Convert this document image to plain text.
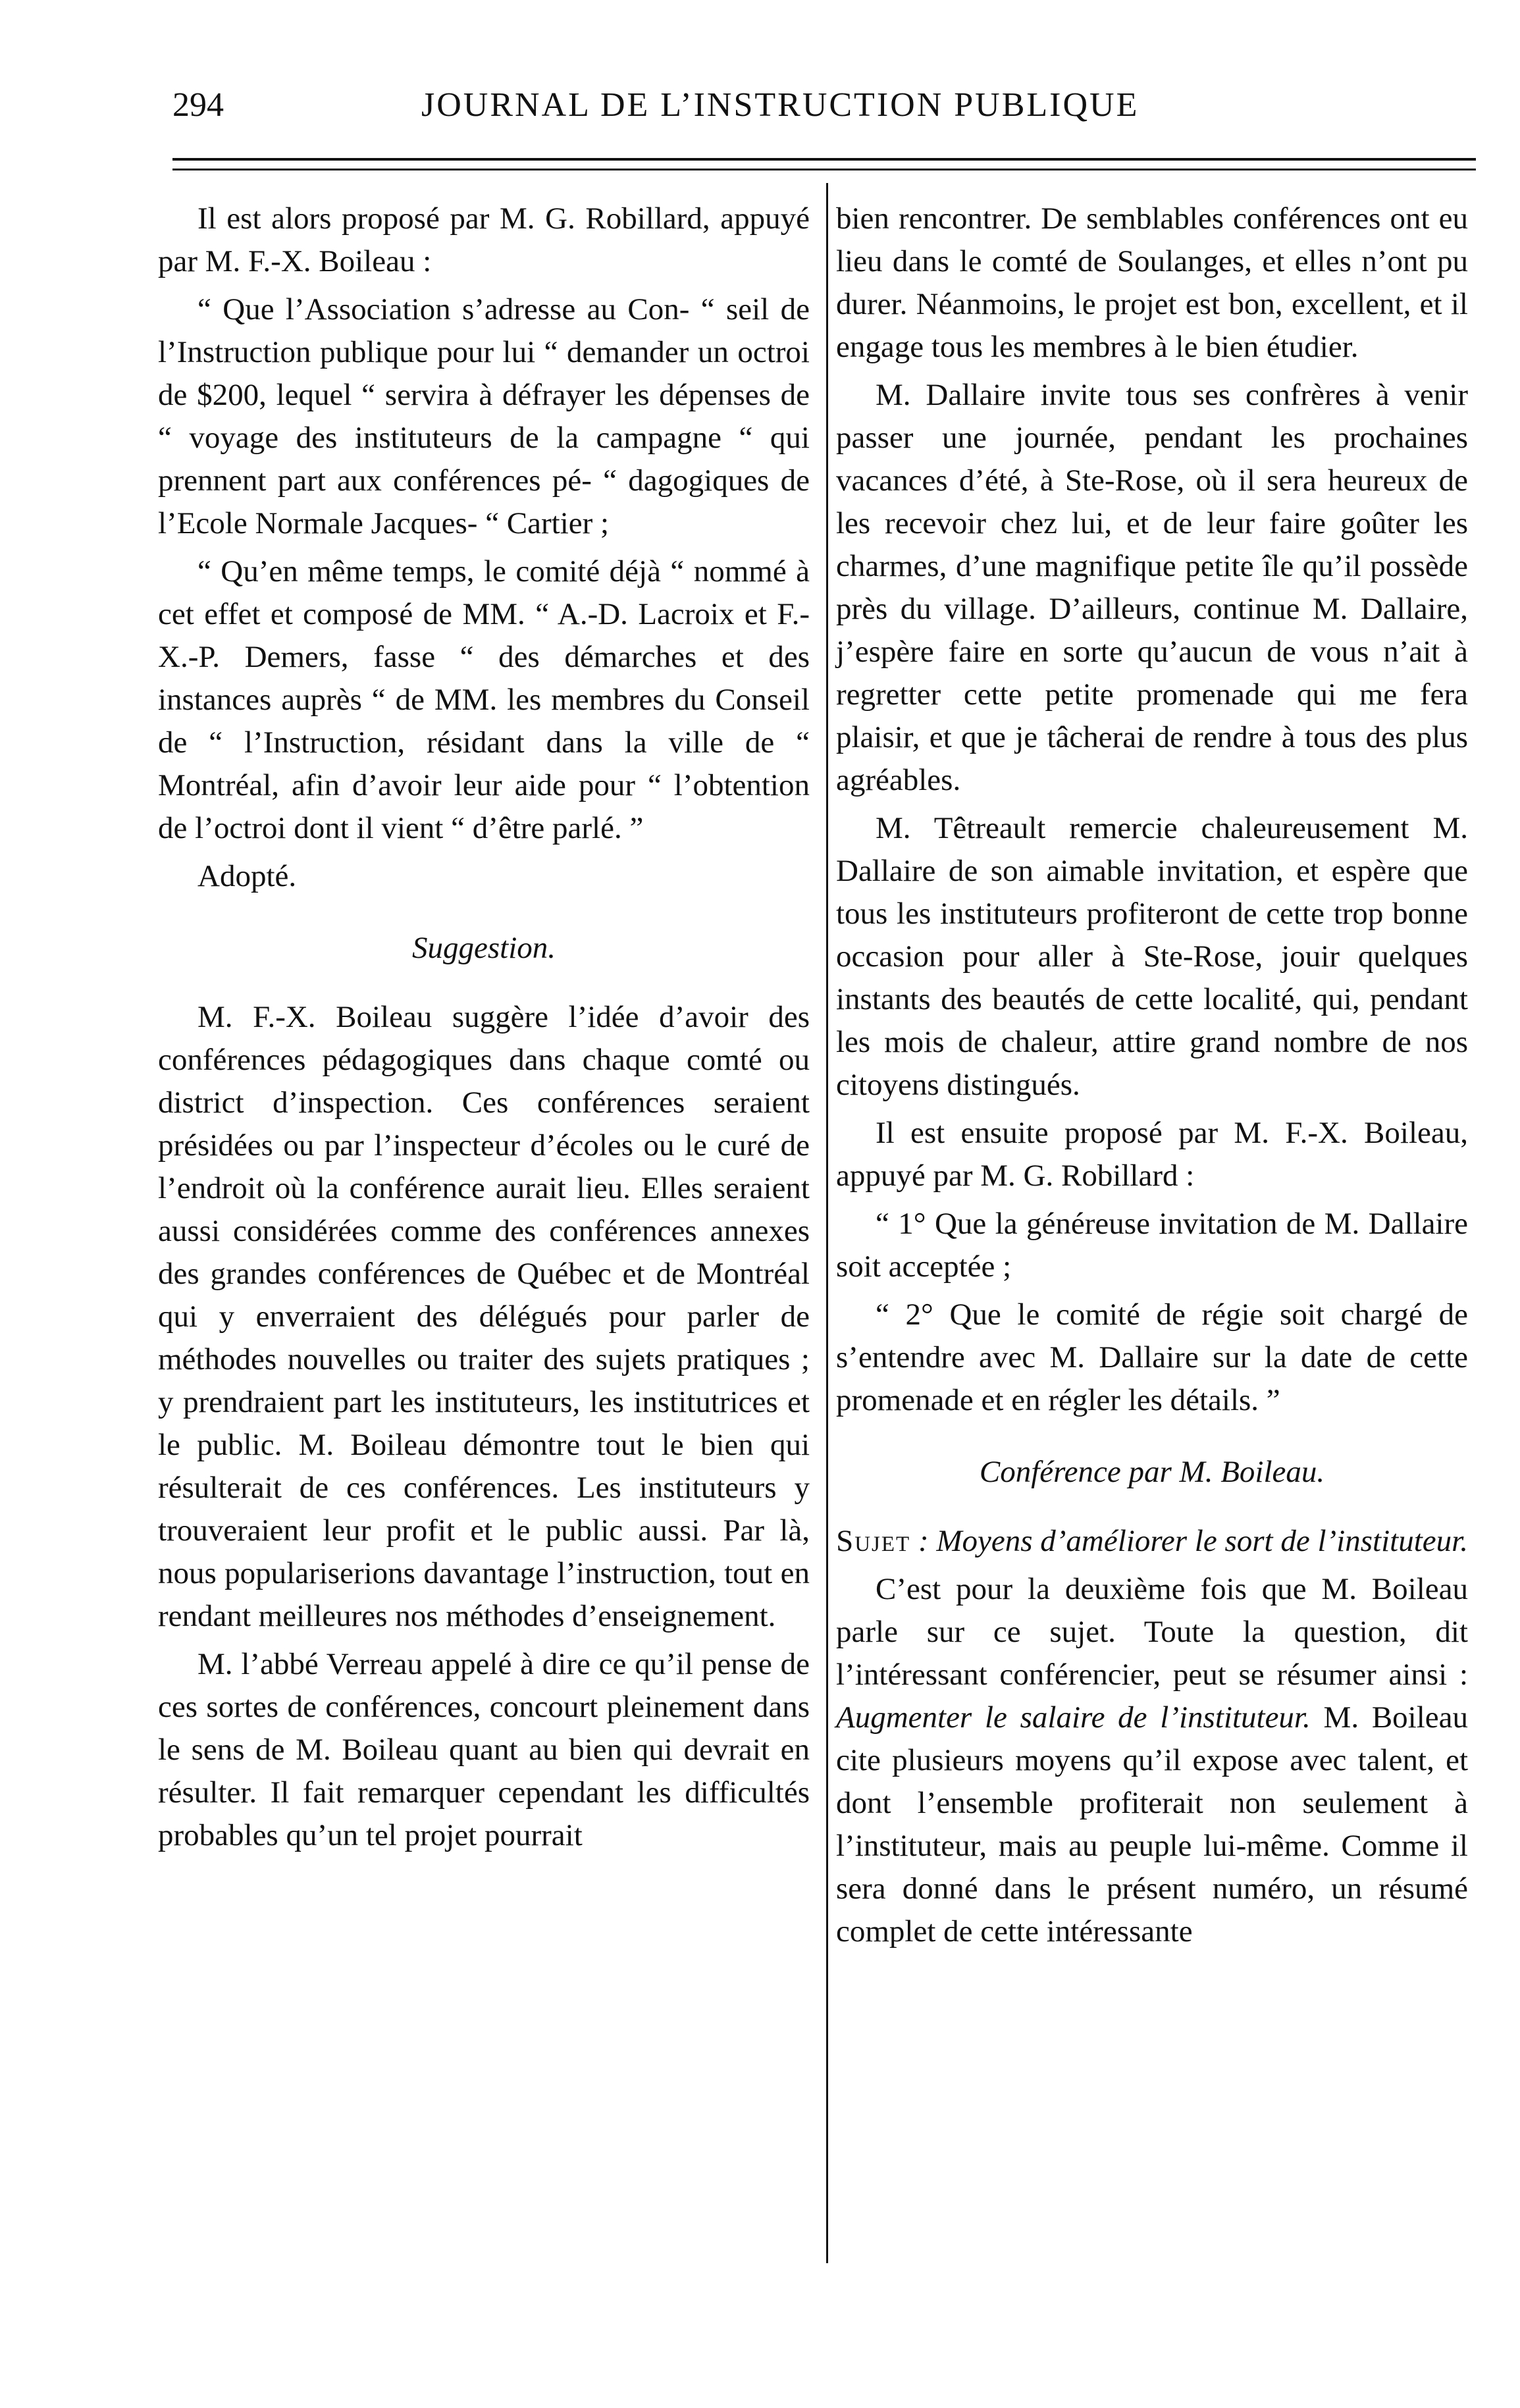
294	JOURNAL DE L’INSTRUCTION PUBLIQUE

Il est alors proposé par M. G. Robillard, appuyé par M. F.-X. Boileau :

“ Que l’Association s’adresse au Con- “ seil de l’Instruction publique pour lui “ demander un octroi de $200, lequel “ servira à défrayer les dépenses de “ voyage des instituteurs de la campagne “ qui prennent part aux conférences pé- “ dagogiques de l’Ecole Normale Jacques- “ Cartier ;

“ Qu’en même temps, le comité déjà “ nommé à cet effet et composé de MM. “ A.-D. Lacroix et F.-X.-P. Demers, fasse “ des démarches et des instances auprès “ de MM. les membres du Conseil de “ l’Instruction, résidant dans la ville de “ Montréal, afin d’avoir leur aide pour “ l’obtention de l’octroi dont il vient “ d’être parlé. ”

Adopté.

Suggestion.

M. F.-X. Boileau suggère l’idée d’avoir des conférences pédagogiques dans chaque comté ou district d’inspection. Ces conférences seraient présidées ou par l’inspecteur d’écoles ou le curé de l’endroit où la conférence aurait lieu. Elles seraient aussi considérées comme des conférences annexes des grandes conférences de Québec et de Montréal qui y enverraient des délégués pour parler de méthodes nouvelles ou traiter des sujets pratiques ; y prendraient part les instituteurs, les institutrices et le public. M. Boileau démontre tout le bien qui résulterait de ces conférences. Les instituteurs y trouveraient leur profit et le public aussi. Par là, nous populariserions davantage l’instruction, tout en rendant meilleures nos méthodes d’enseignement.

M. l’abbé Verreau appelé à dire ce qu’il pense de ces sortes de conférences, concourt pleinement dans le sens de M. Boileau quant au bien qui devrait en résulter. Il fait remarquer cependant les difficultés probables qu’un tel projet pourrait

bien rencontrer. De semblables conférences ont eu lieu dans le comté de Soulanges, et elles n’ont pu durer. Néanmoins, le projet est bon, excellent, et il engage tous les membres à le bien étudier.

M. Dallaire invite tous ses confrères à venir passer une journée, pendant les prochaines vacances d’été, à Ste-Rose, où il sera heureux de les recevoir chez lui, et de leur faire goûter les charmes, d’une magnifique petite île qu’il possède près du village. D’ailleurs, continue M. Dallaire, j’espère faire en sorte qu’aucun de vous n’ait à regretter cette petite promenade qui me fera plaisir, et que je tâcherai de rendre à tous des plus agréables.

M. Têtreault remercie chaleureusement M. Dallaire de son aimable invitation, et espère que tous les instituteurs profiteront de cette trop bonne occasion pour aller à Ste-Rose, jouir quelques instants des beautés de cette localité, qui, pendant les mois de chaleur, attire grand nombre de nos citoyens distingués.

Il est ensuite proposé par M. F.-X. Boileau, appuyé par M. G. Robillard :

“ 1° Que la généreuse invitation de M. Dallaire soit acceptée ;

“ 2° Que le comité de régie soit chargé de s’entendre avec M. Dallaire sur la date de cette promenade et en régler les détails. ”

Conférence par M. Boileau.

Sujet : Moyens d’améliorer le sort de l’instituteur.

C’est pour la deuxième fois que M. Boileau parle sur ce sujet. Toute la question, dit l’intéressant conférencier, peut se résumer ainsi : Augmenter le salaire de l’instituteur. M. Boileau cite plusieurs moyens qu’il expose avec talent, et dont l’ensemble profiterait non seulement à l’instituteur, mais au peuple lui-même. Comme il sera donné dans le présent numéro, un résumé complet de cette intéressante
